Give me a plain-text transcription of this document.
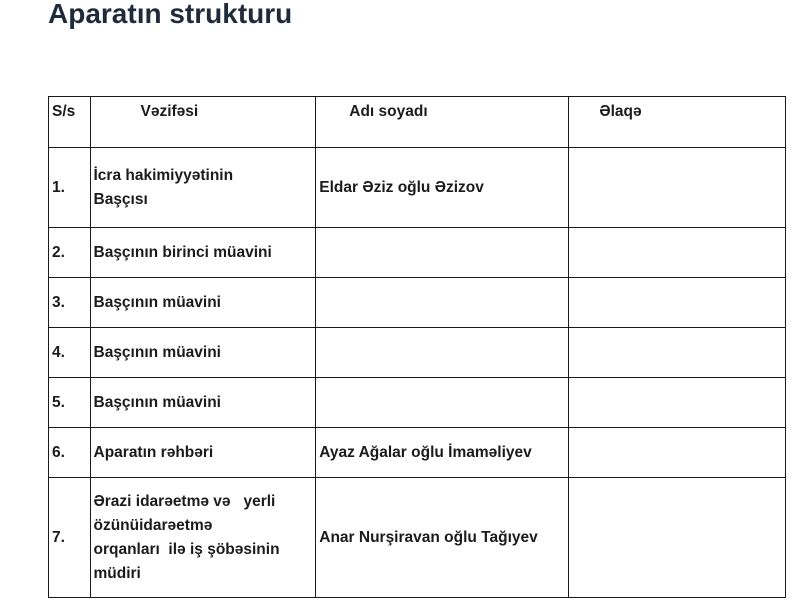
Aparatın strukturu
S/s	Vəzifəsi	Adı soyadı	Əlaqə
1.	İcra hakimiyyətinin
Başçısı	Eldar Əziz oğlu Əzizov	
2.	Başçının birinci müavini		
3.	Başçının müavini		
4.	Başçının müavini		
5.	Başçının müavini		
6.	Aparatın rəhbəri	Ayaz Ağalar oğlu İmaməliyev	
7.	Ərazi idarəetmə və   yerli
özünüidarəetmə
orqanları  ilə iş şöbəsinin
müdiri	Anar Nurşiravan oğlu Tağıyev	
